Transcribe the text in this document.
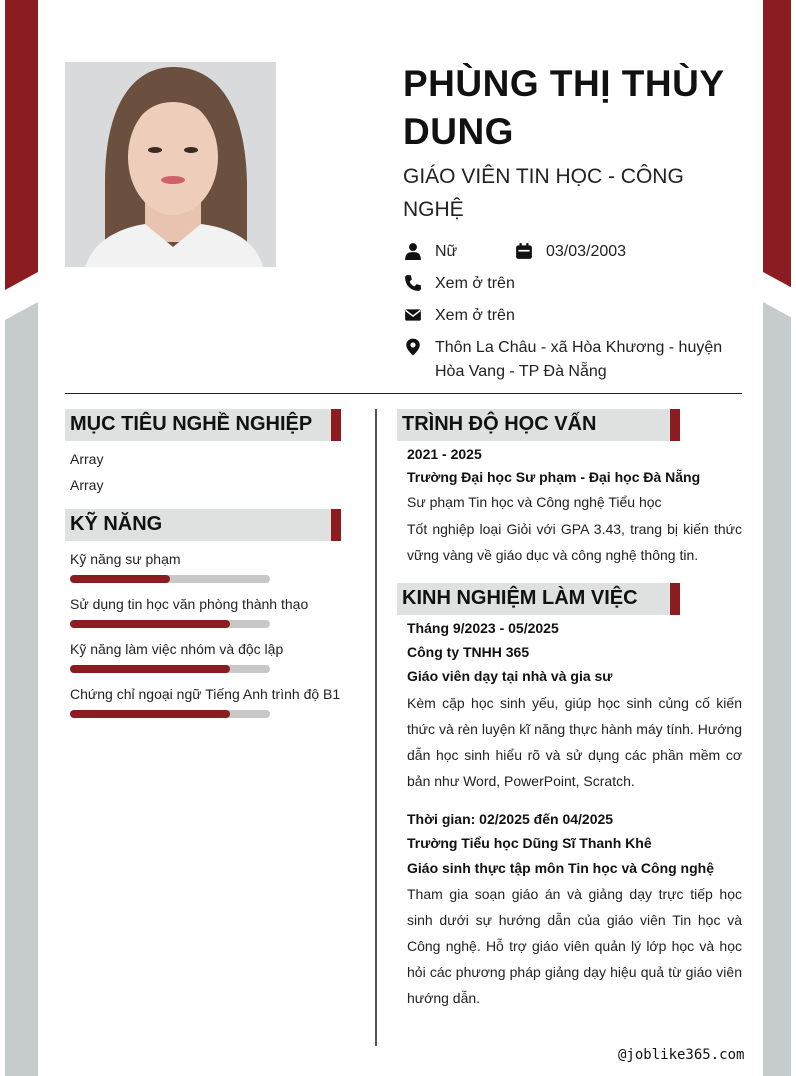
PHÙNG THỊ THÙY DUNG
GIÁO VIÊN TIN HỌC - CÔNG NGHỆ
Nữ	03/03/2003
Xem ở trên
Xem ở trên
Thôn La Châu - xã Hòa Khương - huyện Hòa Vang - TP Đà Nẵng
MỤC TIÊU NGHỀ NGHIỆP
Array
Array
KỸ NĂNG
Kỹ năng sư phạm
Sử dụng tin học văn phòng thành thạo
Kỹ năng làm việc nhóm và độc lập
Chứng chỉ ngoại ngữ Tiếng Anh trình độ B1
TRÌNH ĐỘ HỌC VẤN
2021 - 2025
Trường Đại học Sư phạm - Đại học Đà Nẵng
Sư phạm Tin học và Công nghệ Tiểu học
Tốt nghiệp loại Giỏi với GPA 3.43, trang bị kiến thức vững vàng về giáo dục và công nghệ thông tin.
KINH NGHIỆM LÀM VIỆC
Tháng 9/2023 - 05/2025
Công ty TNHH 365
Giáo viên dạy tại nhà và gia sư
Kèm cặp học sinh yếu, giúp học sinh củng cố kiến thức và rèn luyện kĩ năng thực hành máy tính. Hướng dẫn học sinh hiểu rõ và sử dụng các phần mềm cơ bản như Word, PowerPoint, Scratch.
Thời gian: 02/2025 đến 04/2025
Trường Tiểu học Dũng Sĩ Thanh Khê
Giáo sinh thực tập môn Tin học và Công nghệ
Tham gia soạn giáo án và giảng dạy trực tiếp học sinh dưới sự hướng dẫn của giáo viên Tin học và Công nghệ. Hỗ trợ giáo viên quản lý lớp học và học hỏi các phương pháp giảng dạy hiệu quả từ giáo viên hướng dẫn.
@joblike365.com
